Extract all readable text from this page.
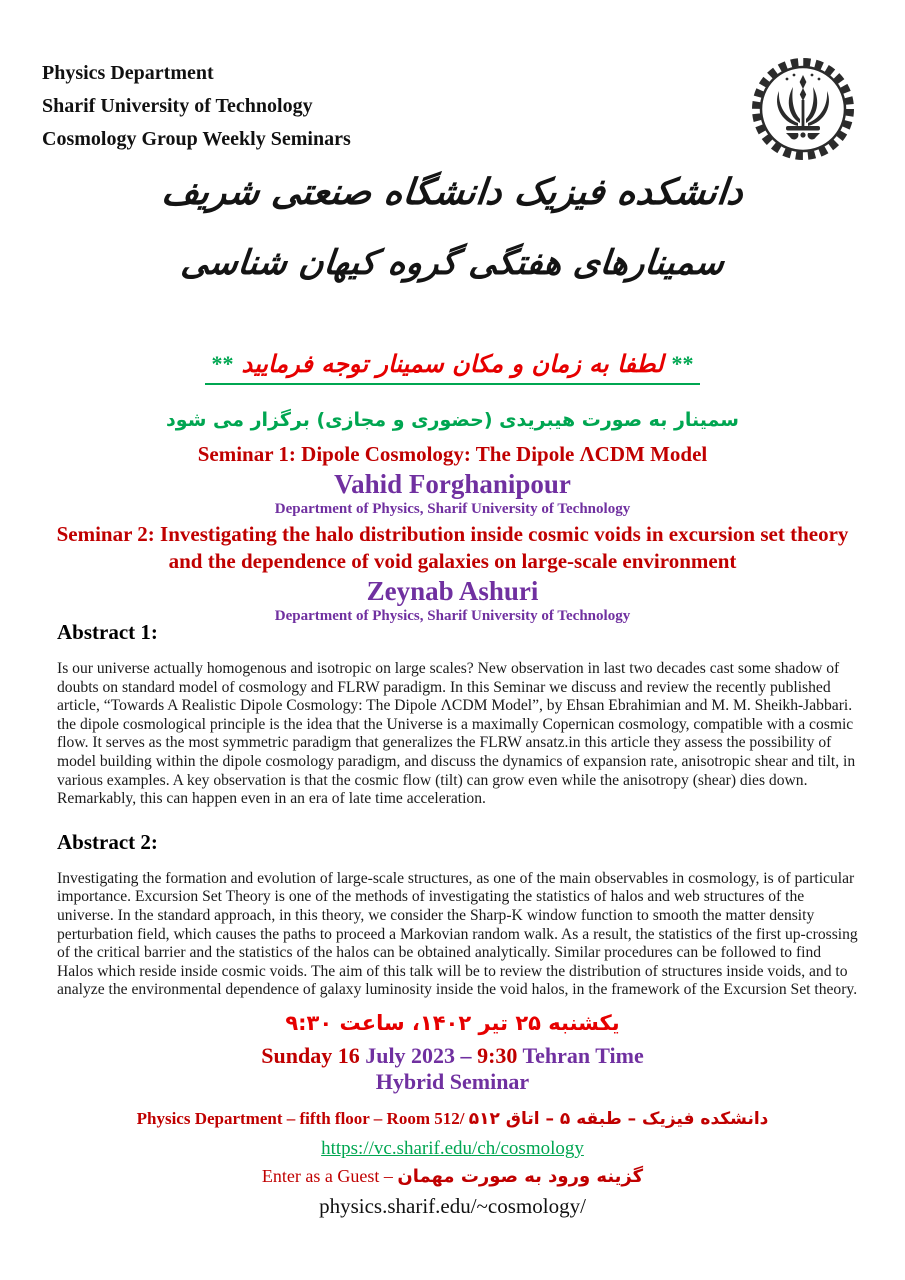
Physics Department
Sharif University of Technology
Cosmology Group Weekly Seminars
دانشکده فیزیک دانشگاه صنعتی شریف
سمینارهای هفتگی گروه کیهان شناسی
** لطفا به زمان و مکان سمینار توجه فرمایید **
سمینار به صورت هیبریدی (حضوری و مجازی) برگزار می شود
Seminar 1: Dipole Cosmology: The Dipole ΛCDM Model
Vahid Forghanipour
Department of Physics, Sharif University of Technology
Seminar 2: Investigating the halo distribution inside cosmic voids in excursion set theory and the dependence of void galaxies on large-scale environment
Zeynab Ashuri
Department of Physics, Sharif University of Technology
Abstract 1:

Is our universe actually homogenous and isotropic on large scales? New observation in last two decades cast some shadow of doubts on standard model of cosmology and FLRW paradigm. In this Seminar we discuss and review the recently published article, “Towards A Realistic Dipole Cosmology: The Dipole ΛCDM Model”, by Ehsan Ebrahimian and M. M. Sheikh-Jabbari. the dipole cosmological principle is the idea that the Universe is a maximally Copernican cosmology, compatible with a cosmic flow. It serves as the most symmetric paradigm that generalizes the FLRW ansatz.in this article they assess the possibility of model building within the dipole cosmology paradigm, and discuss the dynamics of expansion rate, anisotropic shear and tilt, in various examples. A key observation is that the cosmic flow (tilt) can grow even while the anisotropy (shear) dies down. Remarkably, this can happen even in an era of late time acceleration.

Abstract 2:

Investigating the formation and evolution of large-scale structures, as one of the main observables in cosmology, is of particular importance. Excursion Set Theory is one of the methods of investigating the statistics of halos and web structures of the universe. In the standard approach, in this theory, we consider the Sharp-K window function to smooth the matter density perturbation field, which causes the paths to proceed a Markovian random walk. As a result, the statistics of the first up-crossing of the critical barrier and the statistics of the halos can be obtained analytically. Similar procedures can be followed to find Halos which reside inside cosmic voids. The aim of this talk will be to review the distribution of structures inside voids, and to analyze the environmental dependence of galaxy luminosity inside the void halos, in the framework of the Excursion Set theory.

یکشنبه ۲۵ تیر ۱۴۰۲، ساعت ۹:۳۰
Sunday 16 July 2023 – 9:30 Tehran Time
Hybrid Seminar
Physics Department – fifth floor – Room 512/ دانشکده فیزیک – طبقه ۵ – اتاق ۵۱۲
https://vc.sharif.edu/ch/cosmology
Enter as a Guest – گزینه ورود به صورت مهمان
physics.sharif.edu/~cosmology/
